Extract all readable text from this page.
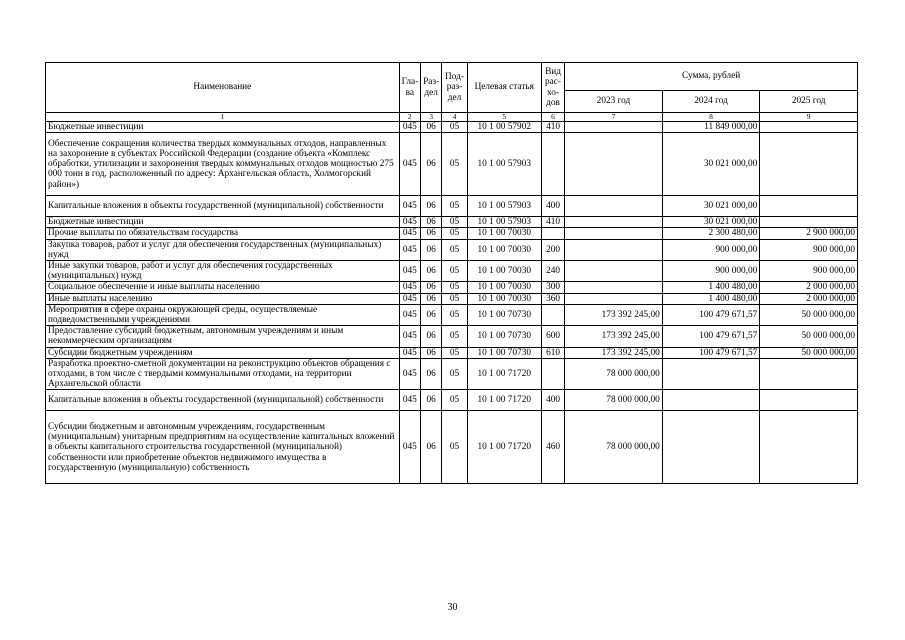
Наименование	Гла-ва	Раз-дел	Под-раз-дел	Целевая статья	Вид рас-хо-дов	Сумма, рублей		
						2023 год	2024 год	2025 год
1	2	3	4	5	6	7	8	9
Бюджетные инвестиции	045	06	05	10 1 00 57902	410		11 849 000,00	
Обеспечение сокращения количества твердых коммунальных отходов, направленных на захоронение в субъектах Российской Федерации (создание объекта «Комплекс обработки, утилизации и захоронения твердых коммунальных отходов мощностью 275 000 тонн в год, расположенный по адресу: Архангельская область, Холмогорский район»)	045	06	05	10 1 00 57903			30 021 000,00	
Капитальные вложения в объекты государственной (муниципальной) собственности	045	06	05	10 1 00 57903	400		30 021 000,00	
Бюджетные инвестиции	045	06	05	10 1 00 57903	410		30 021 000,00	
Прочие выплаты по обязательствам государства	045	06	05	10 1 00 70030			2 300 480,00	2 900 000,00
Закупка товаров, работ и услуг для обеспечения государственных (муниципальных) нужд	045	06	05	10 1 00 70030	200		900 000,00	900 000,00
Иные закупки товаров, работ и услуг для обеспечения государственных (муниципальных) нужд	045	06	05	10 1 00 70030	240		900 000,00	900 000,00
Социальное обеспечение и иные выплаты населению	045	06	05	10 1 00 70030	300		1 400 480,00	2 000 000,00
Иные выплаты населению	045	06	05	10 1 00 70030	360		1 400 480,00	2 000 000,00
Мероприятия в сфере охраны окружающей среды, осуществляемые подведомственными учреждениями	045	06	05	10 1 00 70730		173 392 245,00	100 479 671,57	50 000 000,00
Предоставление субсидий бюджетным, автономным учреждениям и иным некоммерческим организациям	045	06	05	10 1 00 70730	600	173 392 245,00	100 479 671,57	50 000 000,00
Субсидии бюджетным учреждениям	045	06	05	10 1 00 70730	610	173 392 245,00	100 479 671,57	50 000 000,00
Разработка проектно-сметной документации на реконструкцию объектов обращения с отходами, в том числе с твердыми коммунальными отходами, на территории Архангельской области	045	06	05	10 1 00 71720		78 000 000,00		
Капитальные вложения в объекты государственной (муниципальной) собственности	045	06	05	10 1 00 71720	400	78 000 000,00		
Субсидии бюджетным и автономным учреждениям, государственным (муниципальным) унитарным предприятиям на осуществление капитальных вложений в объекты капитального строительства государственной (муниципальной) собственности или приобретение объектов недвижимого имущества в государственную (муниципальную) собственность	045	06	05	10 1 00 71720	460	78 000 000,00		
30
